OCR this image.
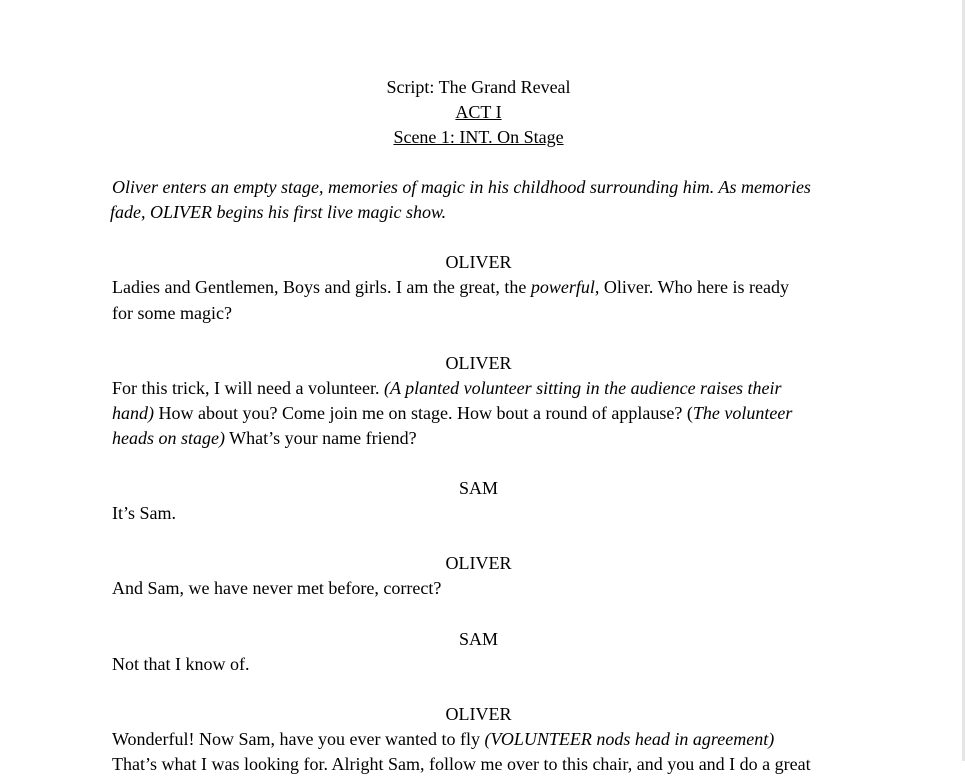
Script: The Grand Reveal
ACT I
Scene 1: INT. On Stage
Oliver enters an empty stage, memories of magic in his childhood surrounding him. As memories
fade, OLIVER begins his first live magic show.
OLIVER
Ladies and Gentlemen, Boys and girls. I am the great, the powerful, Oliver. Who here is ready
for some magic?
OLIVER
For this trick, I will need a volunteer. (A planted volunteer sitting in the audience raises their
hand) How about you? Come join me on stage. How bout a round of applause? (The volunteer
heads on stage) What’s your name friend?
SAM
It’s Sam.
OLIVER
And Sam, we have never met before, correct?
SAM
Not that I know of.
OLIVER
Wonderful! Now Sam, have you ever wanted to fly (VOLUNTEER nods head in agreement)
That’s what I was looking for. Alright Sam, follow me over to this chair, and you and I do a great
